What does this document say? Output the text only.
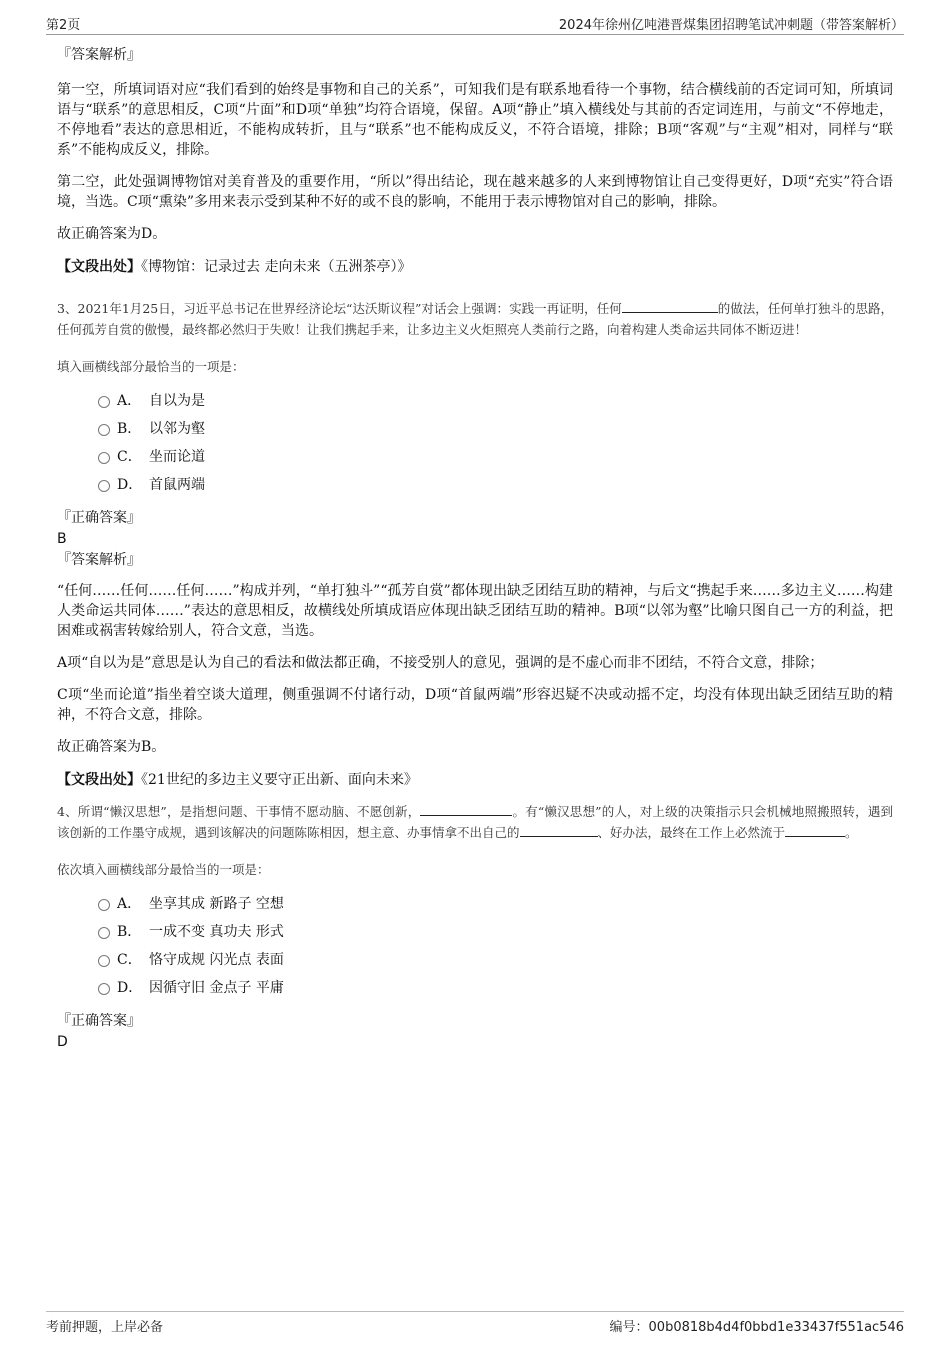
第2页	2024年徐州亿吨港晋煤集团招聘笔试冲刺题（带答案解析）
『答案解析』

第一空，所填词语对应“我们看到的始终是事物和自己的关系”，可知我们是有联系地看待一个事物，结合横线前的否定词可知，所填词语与“联系”的意思相反，C项“片面”和D项“单独”均符合语境，保留。A项“静止”填入横线处与其前的否定词连用，与前文“不停地走，不停地看”表达的意思相近，不能构成转折，且与“联系”也不能构成反义，不符合语境，排除；B项“客观”与“主观”相对，同样与“联系”不能构成反义，排除。

第二空，此处强调博物馆对美育普及的重要作用，“所以”得出结论，现在越来越多的人来到博物馆让自己变得更好，D项“充实”符合语境，当选。C项“熏染”多用来表示受到某种不好的或不良的影响，不能用于表示博物馆对自己的影响，排除。

故正确答案为D。

【文段出处】《博物馆：记录过去 走向未来（五洲茶亭）》

3、2021年1月25日，习近平总书记在世界经济论坛“达沃斯议程”对话会上强调：实践一再证明，任何	的做法，任何单打独斗的思路，任何孤芳自赏的傲慢，最终都必然归于失败！让我们携起手来，让多边主义火炬照亮人类前行之路，向着构建人类命运共同体不断迈进！

填入画横线部分最恰当的一项是：

A． 自以为是
B． 以邻为壑
C． 坐而论道
D． 首鼠两端
『正确答案』
B
『答案解析』

“任何……任何……任何……”构成并列，“单打独斗”“孤芳自赏”都体现出缺乏团结互助的精神，与后文“携起手来……多边主义……构建人类命运共同体……”表达的意思相反，故横线处所填成语应体现出缺乏团结互助的精神。B项“以邻为壑”比喻只图自己一方的利益，把困难或祸害转嫁给别人，符合文意，当选。

A项“自以为是”意思是认为自己的看法和做法都正确，不接受别人的意见，强调的是不虚心而非不团结，不符合文意，排除；

C项“坐而论道”指坐着空谈大道理，侧重强调不付诸行动，D项“首鼠两端”形容迟疑不决或动摇不定，均没有体现出缺乏团结互助的精神，不符合文意，排除。

故正确答案为B。

【文段出处】《21世纪的多边主义要守正出新、面向未来》

4、所谓“懒汉思想”，是指想问题、干事情不愿动脑、不愿创新，	。有“懒汉思想”的人，对上级的决策指示只会机械地照搬照转，遇到该创新的工作墨守成规，遇到该解决的问题陈陈相因，想主意、办事情拿不出自己的	、好办法，最终在工作上必然流于	。

依次填入画横线部分最恰当的一项是：

A． 坐享其成 新路子 空想
B． 一成不变 真功夫 形式
C． 恪守成规 闪光点 表面
D． 因循守旧 金点子 平庸
『正确答案』
D
考前押题，上岸必备	编号：00b0818b4d4f0bbd1e33437f551ac546
